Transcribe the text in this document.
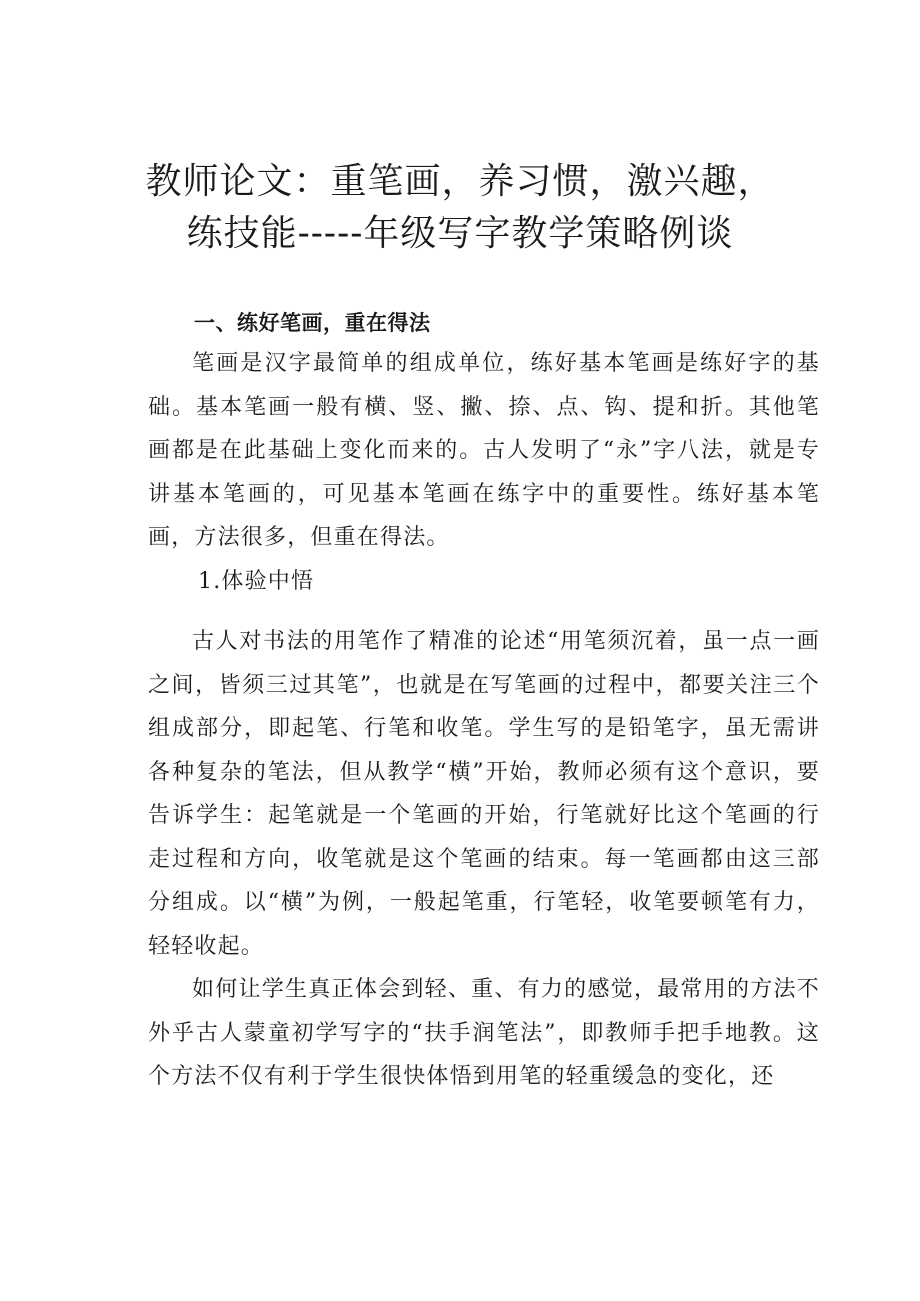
教师论文：重笔画，养习惯，激兴趣，
练技能-----年级写字教学策略例谈
一、练好笔画，重在得法

笔画是汉字最简单的组成单位，练好基本笔画是练好字的基础。基本笔画一般有横、竖、撇、捺、点、钩、提和折。其他笔画都是在此基础上变化而来的。古人发明了“永”字八法，就是专讲基本笔画的，可见基本笔画在练字中的重要性。练好基本笔画，方法很多，但重在得法。

1.体验中悟

古人对书法的用笔作了精准的论述“用笔须沉着，虽一点一画之间，皆须三过其笔”，也就是在写笔画的过程中，都要关注三个组成部分，即起笔、行笔和收笔。学生写的是铅笔字，虽无需讲各种复杂的笔法，但从教学“横”开始，教师必须有这个意识，要告诉学生：起笔就是一个笔画的开始，行笔就好比这个笔画的行走过程和方向，收笔就是这个笔画的结束。每一笔画都由这三部分组成。以“横”为例，一般起笔重，行笔轻，收笔要顿笔有力，轻轻收起。

如何让学生真正体会到轻、重、有力的感觉，最常用的方法不外乎古人蒙童初学写字的“扶手润笔法”，即教师手把手地教。这个方法不仅有利于学生很快体悟到用笔的轻重缓急的变化，还
